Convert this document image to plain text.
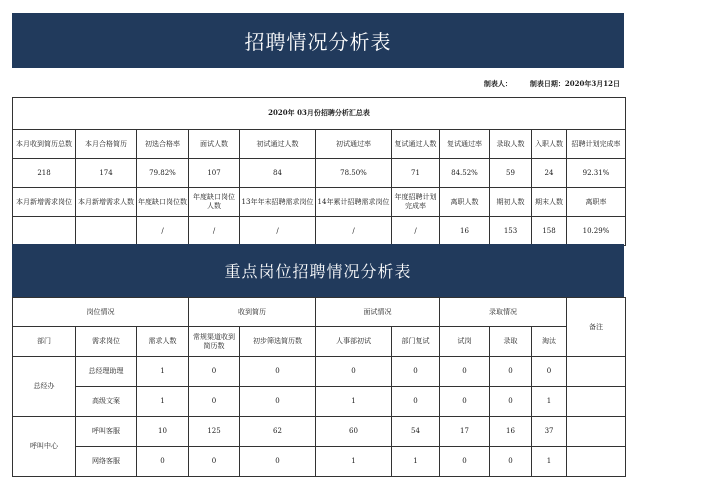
招聘情况分析表
制表人：	制表日期：2020年3月12日
2020年 03月份招聘分析汇总表										
本月收到简历总数	本月合格简历	初选合格率	面试人数	初试通过人数	初试通过率	复试通过人数	复试通过率	录取人数	入职人数	招聘计划完成率
218	174	79.82%	107	84	78.50%	71	84.52%	59	24	92.31%
本月新增需求岗位	本月新增需求人数	年度缺口岗位数	年度缺口岗位人数	13年年末招聘需求岗位	14年累计招聘需求岗位	年度招聘计划完成率	离职人数	期初人数	期末人数	离职率
		/	/	/	/	/	16	153	158	10.29%
重点岗位招聘情况分析表
岗位情况			收到简历		面试情况		录取情况			备注
部门	需求岗位	需求人数	常规渠道收到简历数	初步筛选简历数	人事部初试	部门复试	试岗	录取	淘汰	
总经办	总经理助理	1	0	0	0	0	0	0	0	
	高级文案	1	0	0	1	0	0	0	1	
呼叫中心	呼叫客服	10	125	62	60	54	17	16	37	
	网络客服	0	0	0	1	1	0	0	1	
